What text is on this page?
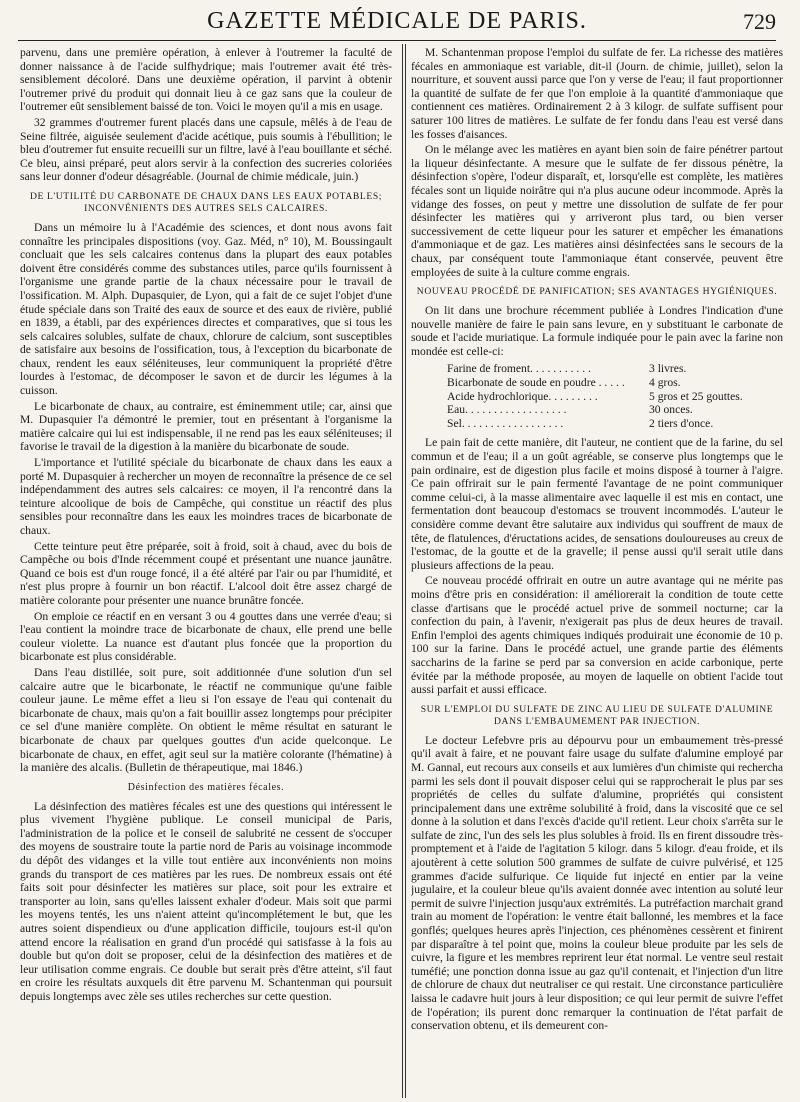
GAZETTE MÉDICALE DE PARIS.	729

parvenu, dans une première opération, à enlever à l'outremer la faculté de donner naissance à de l'acide sulfhydrique; mais l'outremer avait été très-sensiblement décoloré. Dans une deuxième opération, il parvint à obtenir l'outremer privé du produit qui donnait lieu à ce gaz sans que la couleur de l'outremer eût sensiblement baissé de ton. Voici le moyen qu'il a mis en usage.

32 grammes d'outremer furent placés dans une capsule, mêlés à de l'eau de Seine filtrée, aiguisée seulement d'acide acétique, puis soumis à l'ébullition; le bleu d'outremer fut ensuite recueilli sur un filtre, lavé à l'eau bouillante et séché. Ce bleu, ainsi préparé, peut alors servir à la confection des sucreries coloriées sans leur donner d'odeur désagréable. (Journal de chimie médicale, juin.)

DE L'UTILITÉ DU CARBONATE DE CHAUX DANS LES EAUX POTABLES; INCONVÉNIENTS DES AUTRES SELS CALCAIRES.

Dans un mémoire lu à l'Académie des sciences, et dont nous avons fait connaître les principales dispositions (voy. Gaz. Méd, n° 10), M. Boussingault concluait que les sels calcaires contenus dans la plupart des eaux potables doivent être considérés comme des substances utiles, parce qu'ils fournissent à l'organisme une grande partie de la chaux nécessaire pour le travail de l'ossification. M. Alph. Dupasquier, de Lyon, qui a fait de ce sujet l'objet d'une étude spéciale dans son Traité des eaux de source et des eaux de rivière, publié en 1839, a établi, par des expériences directes et comparatives, que si tous les sels calcaires solubles, sulfate de chaux, chlorure de calcium, sont susceptibles de satisfaire aux besoins de l'ossification, tous, à l'exception du bicarbonate de chaux, rendent les eaux séléniteuses, leur communiquent la propriété d'être lourdes à l'estomac, de décomposer le savon et de durcir les légumes à la cuisson.

Le bicarbonate de chaux, au contraire, est éminemment utile; car, ainsi que M. Dupasquier l'a démontré le premier, tout en présentant à l'organisme la matière calcaire qui lui est indispensable, il ne rend pas les eaux séléniteuses; il favorise le travail de la digestion à la manière du bicarbonate de soude.

L'importance et l'utilité spéciale du bicarbonate de chaux dans les eaux a porté M. Dupasquier à rechercher un moyen de reconnaître la présence de ce sel indépendamment des autres sels calcaires: ce moyen, il l'a rencontré dans la teinture alcoolique de bois de Campêche, qui constitue un réactif des plus sensibles pour reconnaître dans les eaux les moindres traces de bicarbonate de chaux.

Cette teinture peut être préparée, soit à froid, soit à chaud, avec du bois de Campêche ou bois d'Inde récemment coupé et présentant une nuance jaunâtre. Quand ce bois est d'un rouge foncé, il a été altéré par l'air ou par l'humidité, et n'est plus propre à fournir un bon réactif. L'alcool doit être assez chargé de matière colorante pour présenter une nuance brunâtre foncée.

On emploie ce réactif en en versant 3 ou 4 gouttes dans une verrée d'eau; si l'eau contient la moindre trace de bicarbonate de chaux, elle prend une belle couleur violette. La nuance est d'autant plus foncée que la proportion du bicarbonate est plus considérable.

Dans l'eau distillée, soit pure, soit additionnée d'une solution d'un sel calcaire autre que le bicarbonate, le réactif ne communique qu'une faible couleur jaune. Le même effet a lieu si l'on essaye de l'eau qui contenait du bicarbonate de chaux, mais qu'on a fait bouillir assez longtemps pour précipiter ce sel d'une manière complète. On obtient le même résultat en saturant le bicarbonate de chaux par quelques gouttes d'un acide quelconque. Le bicarbonate de chaux, en effet, agit seul sur la matière colorante (l'hématine) à la manière des alcalis. (Bulletin de thérapeutique, mai 1846.)

Désinfection des matières fécales.

La désinfection des matières fécales est une des questions qui intéressent le plus vivement l'hygiène publique. Le conseil municipal de Paris, l'administration de la police et le conseil de salubrité ne cessent de s'occuper des moyens de soustraire toute la partie nord de Paris au voisinage incommode du dépôt des vidanges et la ville tout entière aux inconvénients non moins grands du transport de ces matières par les rues. De nombreux essais ont été faits soit pour désinfecter les matières sur place, soit pour les extraire et transporter au loin, sans qu'elles laissent exhaler d'odeur. Mais soit que parmi les moyens tentés, les uns n'aient atteint qu'incomplétement le but, que les autres soient dispendieux ou d'une application difficile, toujours est-il qu'on attend encore la réalisation en grand d'un procédé qui satisfasse à la fois au double but qu'on doit se proposer, celui de la désinfection des matières et de leur utilisation comme engrais. Ce double but serait près d'être atteint, s'il faut en croire les résultats auxquels dit être parvenu M. Schantenman qui poursuit depuis longtemps avec zèle ses utiles recherches sur cette question.

M. Schantenman propose l'emploi du sulfate de fer. La richesse des matières fécales en ammoniaque est variable, dit-il (Journ. de chimie, juillet), selon la nourriture, et souvent aussi parce que l'on y verse de l'eau; il faut proportionner la quantité de sulfate de fer que l'on emploie à la quantité d'ammoniaque que contiennent ces matières. Ordinairement 2 à 3 kilogr. de sulfate suffisent pour saturer 100 litres de matières. Le sulfate de fer fondu dans l'eau est versé dans les fosses d'aisances.

On le mélange avec les matières en ayant bien soin de faire pénétrer partout la liqueur désinfectante. A mesure que le sulfate de fer dissous pénètre, la désinfection s'opère, l'odeur disparaît, et, lorsqu'elle est complète, les matières fécales sont un liquide noirâtre qui n'a plus aucune odeur incommode. Après la vidange des fosses, on peut y mettre une dissolution de sulfate de fer pour désinfecter les matières qui y arriveront plus tard, ou bien verser successivement de cette liqueur pour les saturer et empêcher les émanations d'ammoniaque et de gaz. Les matières ainsi désinfectées sans le secours de la chaux, par conséquent toute l'ammoniaque étant conservée, peuvent être employées de suite à la culture comme engrais.

NOUVEAU PROCÉDÉ DE PANIFICATION; SES AVANTAGES HYGIÉNIQUES.

On lit dans une brochure récemment publiée à Londres l'indication d'une nouvelle manière de faire le pain sans levure, en y substituant le carbonate de soude et l'acide muriatique. La formule indiquée pour le pain avec la farine non mondée est celle-ci:

Farine de froment. . . . . . . . . . .	3 livres.
Bicarbonate de soude en poudre . . . . .	4 gros.
Acide hydrochlorique. . . . . . . . .	5 gros et 25 gouttes.
Eau. . . . . . . . . . . . . . . . . .	30 onces.
Sel. . . . . . . . . . . . . . . . . .	2 tiers d'once.

Le pain fait de cette manière, dit l'auteur, ne contient que de la farine, du sel commun et de l'eau; il a un goût agréable, se conserve plus longtemps que le pain ordinaire, est de digestion plus facile et moins disposé à tourner à l'aigre. Ce pain offrirait sur le pain fermenté l'avantage de ne point communiquer comme celui-ci, à la masse alimentaire avec laquelle il est mis en contact, une fermentation dont beaucoup d'estomacs se trouvent incommodés. L'auteur le considère comme devant être salutaire aux individus qui souffrent de maux de tête, de flatulences, d'éructations acides, de sensations douloureuses au creux de l'estomac, de la goutte et de la gravelle; il pense aussi qu'il serait utile dans plusieurs affections de la peau.

Ce nouveau procédé offrirait en outre un autre avantage qui ne mérite pas moins d'être pris en considération: il améliorerait la condition de toute cette classe d'artisans que le procédé actuel prive de sommeil nocturne; car la confection du pain, à l'avenir, n'exigerait pas plus de deux heures de travail. Enfin l'emploi des agents chimiques indiqués produirait une économie de 10 p. 100 sur la farine. Dans le procédé actuel, une grande partie des éléments saccharins de la farine se perd par sa conversion en acide carbonique, perte évitée par la méthode proposée, au moyen de laquelle on obtient l'acide tout aussi parfait et aussi efficace.

SUR L'EMPLOI DU SULFATE DE ZINC AU LIEU DE SULFATE D'ALUMINE DANS L'EMBAUMEMENT PAR INJECTION.

Le docteur Lefebvre pris au dépourvu pour un embaumement très-pressé qu'il avait à faire, et ne pouvant faire usage du sulfate d'alumine employé par M. Gannal, eut recours aux conseils et aux lumières d'un chimiste qui rechercha parmi les sels dont il pouvait disposer celui qui se rapprocherait le plus par ses propriétés de celles du sulfate d'alumine, propriétés qui consistent principalement dans une extrême solubilité à froid, dans la viscosité que ce sel donne à la solution et dans l'excès d'acide qu'il retient. Leur choix s'arrêta sur le sulfate de zinc, l'un des sels les plus solubles à froid. Ils en firent dissoudre très-promptement et à l'aide de l'agitation 5 kilogr. dans 5 kilogr. d'eau froide, et ils ajoutèrent à cette solution 500 grammes de sulfate de cuivre pulvérisé, et 125 grammes d'acide sulfurique. Ce liquide fut injecté en entier par la veine jugulaire, et la couleur bleue qu'ils avaient donnée avec intention au soluté leur permit de suivre l'injection jusqu'aux extrémités. La putréfaction marchait grand train au moment de l'opération: le ventre était ballonné, les membres et la face gonflés; quelques heures après l'injection, ces phénomènes cessèrent et finirent par disparaître à tel point que, moins la couleur bleue produite par les sels de cuivre, la figure et les membres reprirent leur état normal. Le ventre seul restait tuméfié; une ponction donna issue au gaz qu'il contenait, et l'injection d'un litre de chlorure de chaux dut neutraliser ce qui restait. Une circonstance particulière laissa le cadavre huit jours à leur disposition; ce qui leur permit de suivre l'effet de l'opération; ils purent donc remarquer la continuation de l'état parfait de conservation obtenu, et ils demeurent con-
